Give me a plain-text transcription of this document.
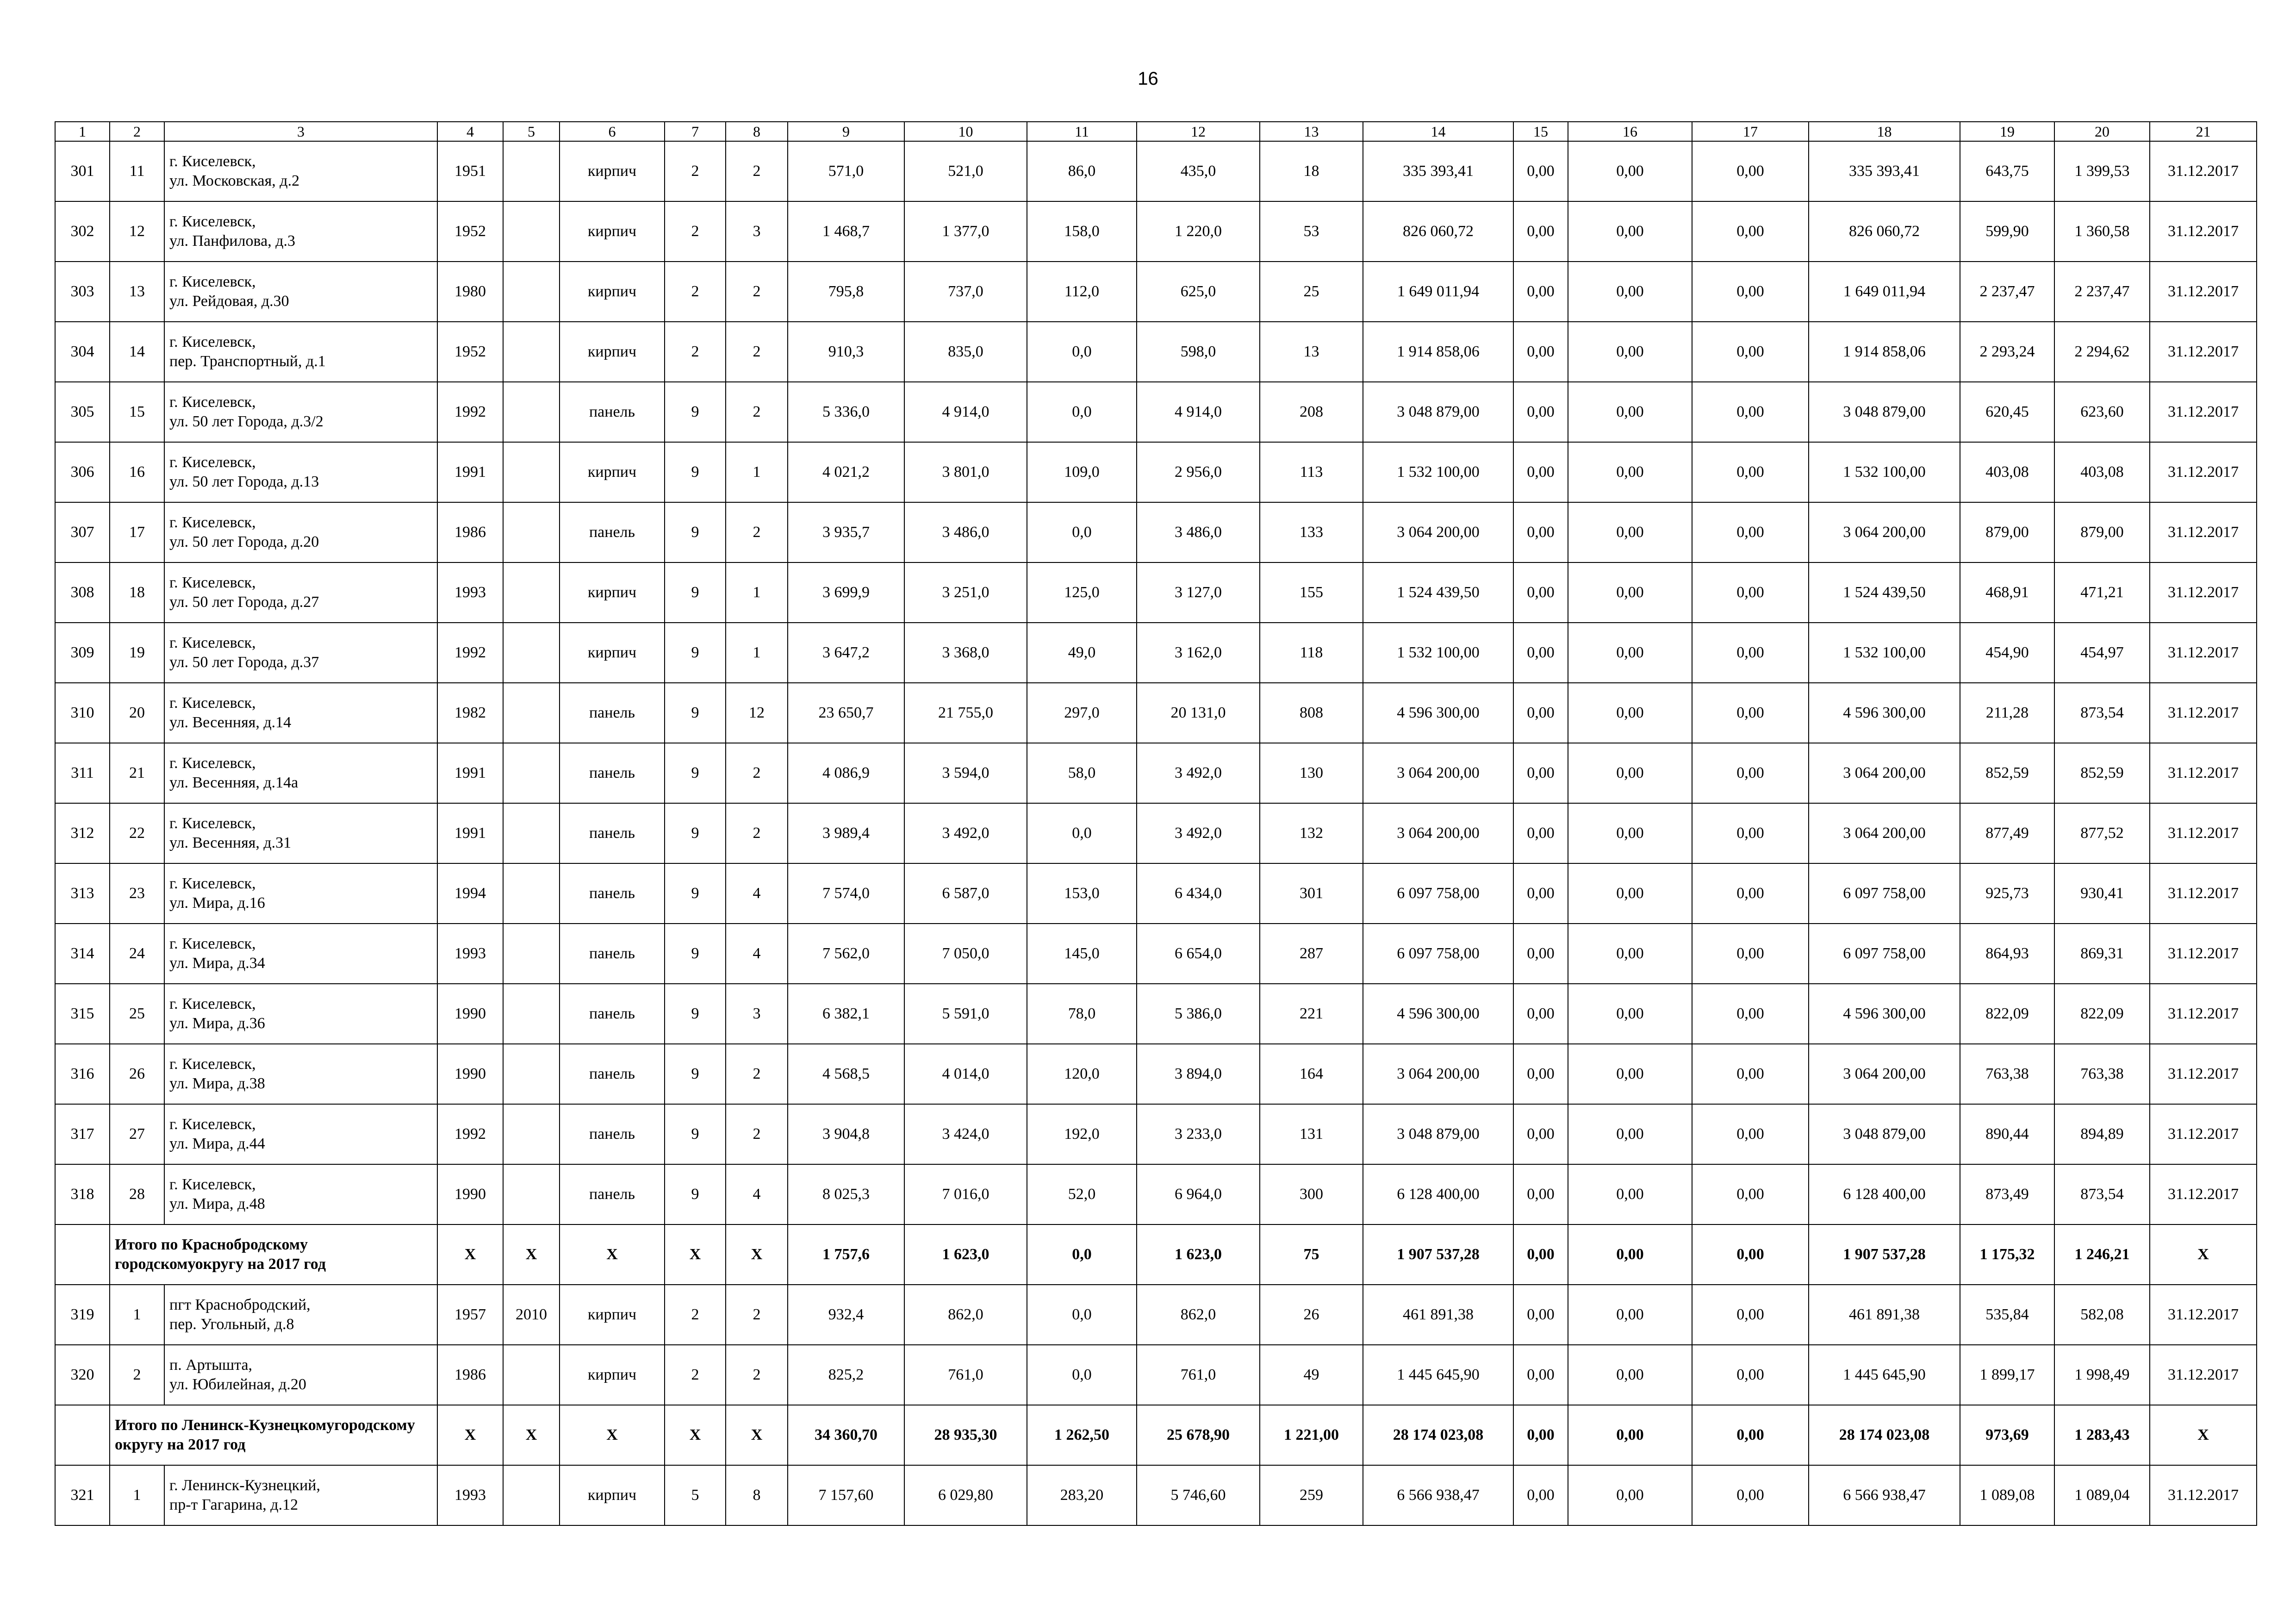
16
1	2	3	4	5	6	7	8	9	10	11	12	13	14	15	16	17	18	19	20	21
301	11	г. Киселевск,
ул. Московская, д.2	1951		кирпич	2	2	571,0	521,0	86,0	435,0	18	335 393,41	0,00	0,00	0,00	335 393,41	643,75	1 399,53	31.12.2017
302	12	г. Киселевск,
ул. Панфилова, д.3	1952		кирпич	2	3	1 468,7	1 377,0	158,0	1 220,0	53	826 060,72	0,00	0,00	0,00	826 060,72	599,90	1 360,58	31.12.2017
303	13	г. Киселевск,
ул. Рейдовая, д.30	1980		кирпич	2	2	795,8	737,0	112,0	625,0	25	1 649 011,94	0,00	0,00	0,00	1 649 011,94	2 237,47	2 237,47	31.12.2017
304	14	г. Киселевск,
пер. Транспортный, д.1	1952		кирпич	2	2	910,3	835,0	0,0	598,0	13	1 914 858,06	0,00	0,00	0,00	1 914 858,06	2 293,24	2 294,62	31.12.2017
305	15	г. Киселевск,
ул. 50 лет Города, д.3/2	1992		панель	9	2	5 336,0	4 914,0	0,0	4 914,0	208	3 048 879,00	0,00	0,00	0,00	3 048 879,00	620,45	623,60	31.12.2017
306	16	г. Киселевск,
ул. 50 лет Города, д.13	1991		кирпич	9	1	4 021,2	3 801,0	109,0	2 956,0	113	1 532 100,00	0,00	0,00	0,00	1 532 100,00	403,08	403,08	31.12.2017
307	17	г. Киселевск,
ул. 50 лет Города, д.20	1986		панель	9	2	3 935,7	3 486,0	0,0	3 486,0	133	3 064 200,00	0,00	0,00	0,00	3 064 200,00	879,00	879,00	31.12.2017
308	18	г. Киселевск,
ул. 50 лет Города, д.27	1993		кирпич	9	1	3 699,9	3 251,0	125,0	3 127,0	155	1 524 439,50	0,00	0,00	0,00	1 524 439,50	468,91	471,21	31.12.2017
309	19	г. Киселевск,
ул. 50 лет Города, д.37	1992		кирпич	9	1	3 647,2	3 368,0	49,0	3 162,0	118	1 532 100,00	0,00	0,00	0,00	1 532 100,00	454,90	454,97	31.12.2017
310	20	г. Киселевск,
ул. Весенняя, д.14	1982		панель	9	12	23 650,7	21 755,0	297,0	20 131,0	808	4 596 300,00	0,00	0,00	0,00	4 596 300,00	211,28	873,54	31.12.2017
311	21	г. Киселевск,
ул. Весенняя, д.14а	1991		панель	9	2	4 086,9	3 594,0	58,0	3 492,0	130	3 064 200,00	0,00	0,00	0,00	3 064 200,00	852,59	852,59	31.12.2017
312	22	г. Киселевск,
ул. Весенняя, д.31	1991		панель	9	2	3 989,4	3 492,0	0,0	3 492,0	132	3 064 200,00	0,00	0,00	0,00	3 064 200,00	877,49	877,52	31.12.2017
313	23	г. Киселевск,
ул. Мира, д.16	1994		панель	9	4	7 574,0	6 587,0	153,0	6 434,0	301	6 097 758,00	0,00	0,00	0,00	6 097 758,00	925,73	930,41	31.12.2017
314	24	г. Киселевск,
ул. Мира, д.34	1993		панель	9	4	7 562,0	7 050,0	145,0	6 654,0	287	6 097 758,00	0,00	0,00	0,00	6 097 758,00	864,93	869,31	31.12.2017
315	25	г. Киселевск,
ул. Мира, д.36	1990		панель	9	3	6 382,1	5 591,0	78,0	5 386,0	221	4 596 300,00	0,00	0,00	0,00	4 596 300,00	822,09	822,09	31.12.2017
316	26	г. Киселевск,
ул. Мира, д.38	1990		панель	9	2	4 568,5	4 014,0	120,0	3 894,0	164	3 064 200,00	0,00	0,00	0,00	3 064 200,00	763,38	763,38	31.12.2017
317	27	г. Киселевск,
ул. Мира, д.44	1992		панель	9	2	3 904,8	3 424,0	192,0	3 233,0	131	3 048 879,00	0,00	0,00	0,00	3 048 879,00	890,44	894,89	31.12.2017
318	28	г. Киселевск,
ул. Мира, д.48	1990		панель	9	4	8 025,3	7 016,0	52,0	6 964,0	300	6 128 400,00	0,00	0,00	0,00	6 128 400,00	873,49	873,54	31.12.2017
	Итого по Краснобродскому городскомуокругу на 2017 год		X	X	X	X	X	1 757,6	1 623,0	0,0	1 623,0	75	1 907 537,28	0,00	0,00	0,00	1 907 537,28	1 175,32	1 246,21	X
319	1	пгт Краснобродский,
пер. Угольный, д.8	1957	2010	кирпич	2	2	932,4	862,0	0,0	862,0	26	461 891,38	0,00	0,00	0,00	461 891,38	535,84	582,08	31.12.2017
320	2	п. Артышта,
ул. Юбилейная, д.20	1986		кирпич	2	2	825,2	761,0	0,0	761,0	49	1 445 645,90	0,00	0,00	0,00	1 445 645,90	1 899,17	1 998,49	31.12.2017
	Итого по Ленинск-Кузнецкомугородскому округу на 2017 год		X	X	X	X	X	34 360,70	28 935,30	1 262,50	25 678,90	1 221,00	28 174 023,08	0,00	0,00	0,00	28 174 023,08	973,69	1 283,43	X
321	1	г. Ленинск-Кузнецкий,
пр-т Гагарина, д.12	1993		кирпич	5	8	7 157,60	6 029,80	283,20	5 746,60	259	6 566 938,47	0,00	0,00	0,00	6 566 938,47	1 089,08	1 089,04	31.12.2017
